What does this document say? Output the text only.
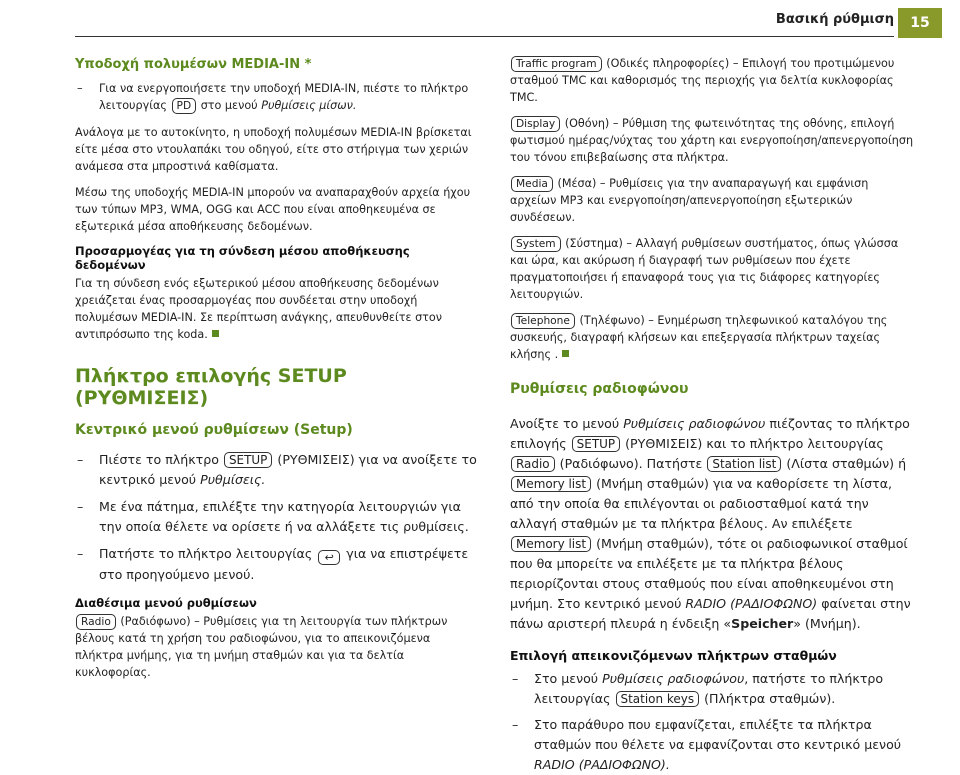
Βασική ρύθμιση	15
Υποδοχή πολυμέσων MEDIA-IN *
– Για να ενεργοποιήσετε την υποδοχή MEDIA-IN, πιέστε το πλήκτρο λειτουργίας PD στο μενού Ρυθμίσεις μίσων.
Ανάλογα με το αυτοκίνητο, η υποδοχή πολυμέσων MEDIA-IN βρίσκεται είτε μέσα στο ντουλαπάκι του οδηγού, είτε στο στήριγμα των χεριών ανάμεσα στα μπροστινά καθίσματα.
Μέσω της υποδοχής MEDIA-IN μπορούν να αναπαραχθούν αρχεία ήχου των τύπων MP3, WMA, OGG και ACC που είναι αποθηκευμένα σε εξωτερικά μέσα αποθήκευσης δεδομένων.
Προσαρμογέας για τη σύνδεση μέσου αποθήκευσης δεδομένων
Για τη σύνδεση ενός εξωτερικού μέσου αποθήκευσης δεδομένων χρειάζεται ένας προσαρμογέας που συνδέεται στην υποδοχή πολυμέσων MEDIA-IN. Σε περίπτωση ανάγκης, απευθυνθείτε στον αντιπρόσωπο της koda.
Πλήκτρο επιλογής SETUP (ΡΥΘΜΙΣΕΙΣ)
Κεντρικό μενού ρυθμίσεων (Setup)
– Πιέστε το πλήκτρο SETUP (ΡΥΘΜΙΣΕΙΣ) για να ανοίξετε το κεντρικό μενού Ρυθμίσεις.
– Με ένα πάτημα, επιλέξτε την κατηγορία λειτουργιών για την οποία θέλετε να ορίσετε ή να αλλάξετε τις ρυθμίσεις.
– Πατήστε το πλήκτρο λειτουργίας ↩ για να επιστρέψετε στο προηγούμενο μενού.
Διαθέσιμα μενού ρυθμίσεων
Radio (Ραδιόφωνο) – Ρυθμίσεις για τη λειτουργία των πλήκτρων βέλους κατά τη χρήση του ραδιοφώνου, για το απεικονιζόμενα πλήκτρα μνήμης, για τη μνήμη σταθμών και για τα δελτία κυκλοφορίας.
Traffic program (Οδικές πληροφορίες) – Επιλογή του προτιμώμενου σταθμού TMC και καθορισμός της περιοχής για δελτία κυκλοφορίας TMC.
Display (Οθόνη) – Ρύθμιση της φωτεινότητας της οθόνης, επιλογή φωτισμού ημέρας/νύχτας του χάρτη και ενεργοποίηση/απενεργοποίηση του τόνου επιβεβαίωσης στα πλήκτρα.
Media (Μέσα) – Ρυθμίσεις για την αναπαραγωγή και εμφάνιση αρχείων MP3 και ενεργοποίηση/απενεργοποίηση εξωτερικών συνδέσεων.
System (Σύστημα) – Αλλαγή ρυθμίσεων συστήματος, όπως γλώσσα και ώρα, και ακύρωση ή διαγραφή των ρυθμίσεων που έχετε πραγματοποιήσει ή επαναφορά τους για τις διάφορες κατηγορίες λειτουργιών.
Telephone (Τηλέφωνο) – Ενημέρωση τηλεφωνικού καταλόγου της συσκευής, διαγραφή κλήσεων και επεξεργασία πλήκτρων ταχείας κλήσης .
Ρυθμίσεις ραδιοφώνου
Ανοίξτε το μενού Ρυθμίσεις ραδιοφώνου πιέζοντας το πλήκτρο επιλογής SETUP (ΡΥΘΜΙΣΕΙΣ) και το πλήκτρο λειτουργίας Radio (Ραδιόφωνο). Πατήστε Station list (Λίστα σταθμών) ή Memory list (Μνήμη σταθμών) για να καθορίσετε τη λίστα, από την οποία θα επιλέγονται οι ραδιοσταθμοί κατά την αλλαγή σταθμών με τα πλήκτρα βέλους. Αν επιλέξετε Memory list (Μνήμη σταθμών), τότε οι ραδιοφωνικοί σταθμοί που θα μπορείτε να επιλέξετε με τα πλήκτρα βέλους περιορίζονται στους σταθμούς που είναι αποθηκευμένοι στη μνήμη. Στο κεντρικό μενού RADIO (ΡΑΔΙΟΦΩΝΟ) φαίνεται στην πάνω αριστερή πλευρά η ένδειξη «Speicher» (Μνήμη).
Επιλογή απεικονιζόμενων πλήκτρων σταθμών
– Στο μενού Ρυθμίσεις ραδιοφώνου, πατήστε το πλήκτρο λειτουργίας Station keys (Πλήκτρα σταθμών).
– Στο παράθυρο που εμφανίζεται, επιλέξτε τα πλήκτρα σταθμών που θέλετε να εμφανίζονται στο κεντρικό μενού RADIO (ΡΑΔΙΟΦΩΝΟ).
